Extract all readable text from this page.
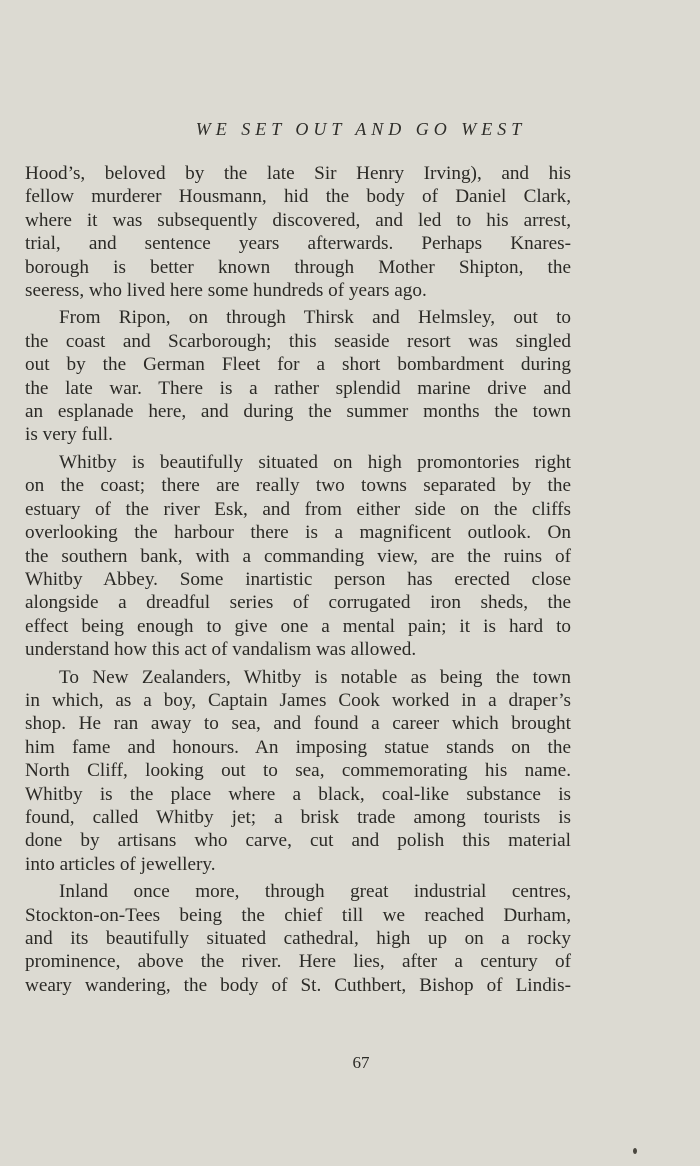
WE SET OUT AND GO WEST
Hood’s, beloved by the late Sir Henry Irving), and his
fellow murderer Housmann, hid the body of Daniel Clark,
where it was subsequently discovered, and led to his arrest,
trial, and sentence years afterwards. Perhaps Knares-
borough is better known through Mother Shipton, the
seeress, who lived here some hundreds of years ago.
From Ripon, on through Thirsk and Helmsley, out to
the coast and Scarborough; this seaside resort was singled
out by the German Fleet for a short bombardment during
the late war. There is a rather splendid marine drive and
an esplanade here, and during the summer months the town
is very full.
Whitby is beautifully situated on high promontories right
on the coast; there are really two towns separated by the
estuary of the river Esk, and from either side on the cliffs
overlooking the harbour there is a magnificent outlook. On
the southern bank, with a commanding view, are the ruins of
Whitby Abbey. Some inartistic person has erected close
alongside a dreadful series of corrugated iron sheds, the
effect being enough to give one a mental pain; it is hard to
understand how this act of vandalism was allowed.
To New Zealanders, Whitby is notable as being the town
in which, as a boy, Captain James Cook worked in a draper’s
shop. He ran away to sea, and found a career which brought
him fame and honours. An imposing statue stands on the
North Cliff, looking out to sea, commemorating his name.
Whitby is the place where a black, coal-like substance is
found, called Whitby jet; a brisk trade among tourists is
done by artisans who carve, cut and polish this material
into articles of jewellery.
Inland once more, through great industrial centres,
Stockton-on-Tees being the chief till we reached Durham,
and its beautifully situated cathedral, high up on a rocky
prominence, above the river. Here lies, after a century of
weary wandering, the body of St. Cuthbert, Bishop of Lindis-
67
